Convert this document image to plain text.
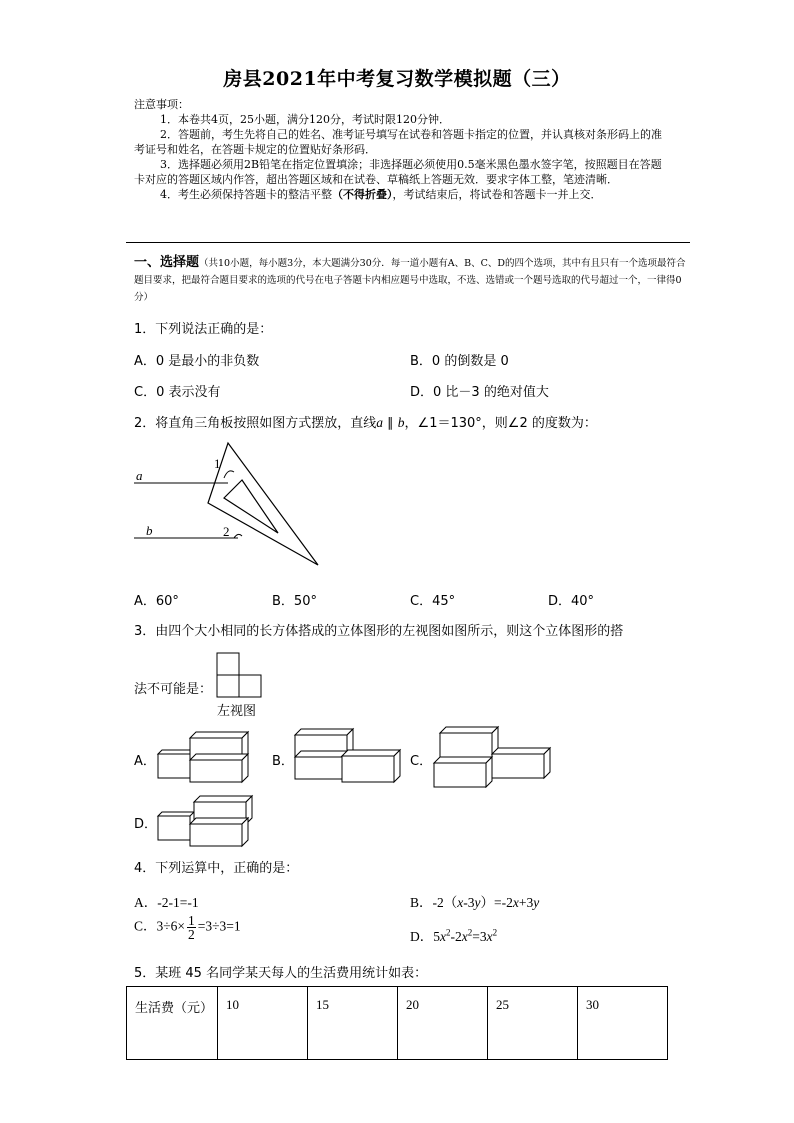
房县2021年中考复习数学模拟题（三）
注意事项：
1．本卷共4页，25小题，满分120分，考试时限120分钟．
2．答题前，考生先将自己的姓名、准考证号填写在试卷和答题卡指定的位置，并认真核对条形码上的准考证号和姓名，在答题卡规定的位置贴好条形码．
3．选择题必须用2B铅笔在指定位置填涂；非选择题必须使用0.5毫米黑色墨水签字笔，按照题目在答题卡对应的答题区域内作答，超出答题区域和在试卷、草稿纸上答题无效．要求字体工整，笔迹清晰．
4．考生必须保持答题卡的整洁平整（不得折叠），考试结束后，将试卷和答题卡一并上交．
一、选择题（共10小题，每小题3分，本大题满分30分．每一道小题有A、B、C、D的四个选项，其中有且只有一个选项最符合题目要求，把最符合题目要求的选项的代号在电子答题卡内相应题号中选取，不选、选错或一个题号选取的代号超过一个，一律得0分）
1．下列说法正确的是：
A．0 是最小的非负数	B．0 的倒数是 0
C．0 表示没有	D．0 比－3 的绝对值大
2．将直角三角板按照如图方式摆放，直线a ∥ b，∠1＝130°，则∠2 的度数为：
a
b
1
2
A．60°	B．50°	C．45°	D．40°
3．由四个大小相同的长方体搭成的立体图形的左视图如图所示，则这个立体图形的搭
法不可能是：
左视图
A．	B．	C．
D．
4．下列运算中，正确的是：
A．-2-1=-1	B．-2（x-3y）=-2x+3y
C．$3\div 6\times \frac{1}{2} =3\div 3=1$
D．$5x^2-2x^2=3x^2$
5．某班 45 名同学某天每人的生活费用统计如表：
生活费（元）	10	15	20	25	30
